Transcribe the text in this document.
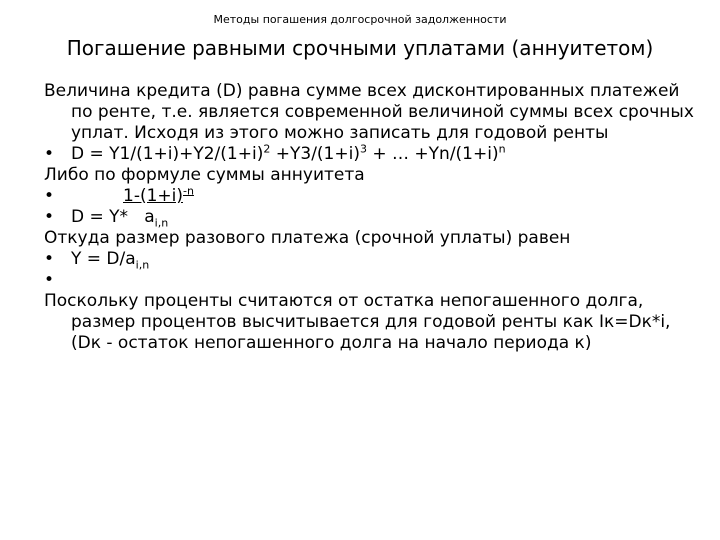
Методы погашения долгосрочной задолженности
Погашение равными срочными уплатами (аннуитетом)

Величина кредита (D) равна сумме всех дисконтированных платежей по ренте, т.е. является современной величиной суммы всех срочных уплат. Исходя из этого можно записать для годовой ренты

• $D = Y1/(1+i)+Y2/(1+i)^2 +Y3/(1+i)^3$ + … $+Yn/(1+i)^n$

Либо по формуле суммы аннуитета

•	$1-(1+i)^{-n}$

• D = Y*   $a_{i,n}$

Откуда размер разового платежа (срочной уплаты) равен

• $Y = D/a_{i,n}$

•

Поскольку проценты считаются от остатка непогашенного долга, размер процентов высчитывается для годовой ренты как Iк=Dк*i, (Dк - остаток непогашенного долга на начало периода к)
